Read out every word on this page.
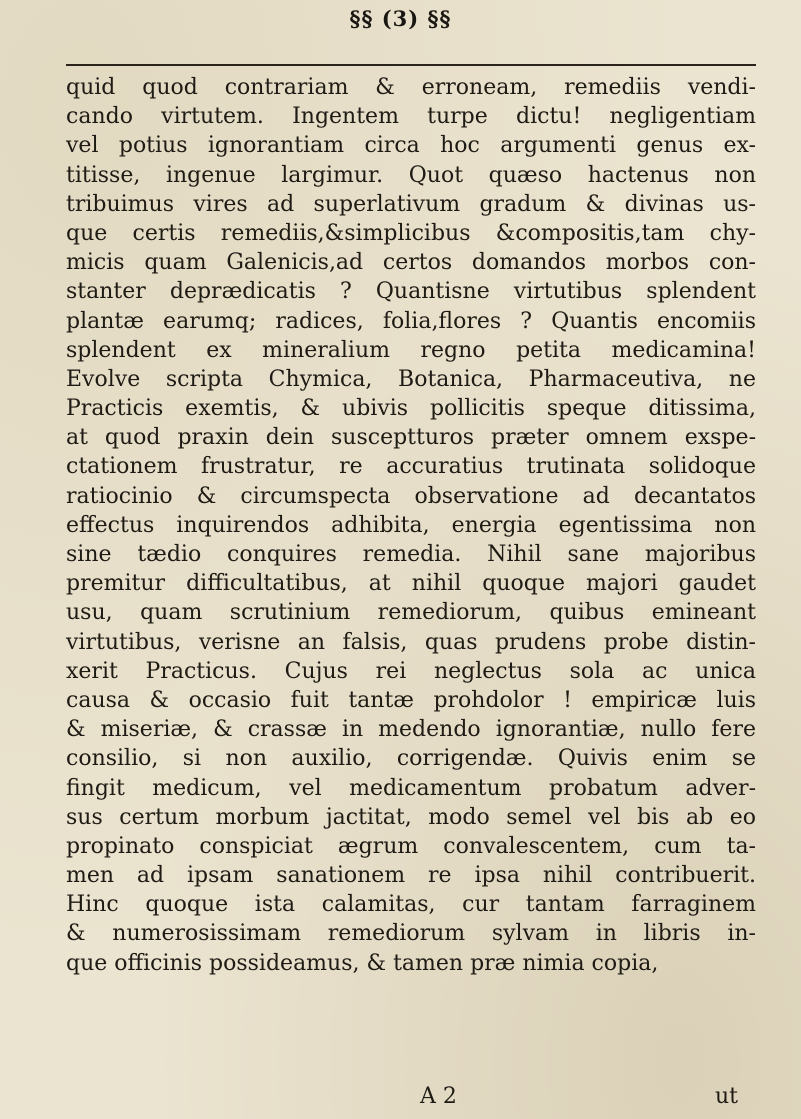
§§ (3) §§
quid quod contrariam & erroneam, remediis vendi-
cando virtutem. Ingentem turpe dictu! negligentiam
vel potius ignorantiam circa hoc argumenti genus ex-
titisse, ingenue largimur. Quot quæso hactenus non
tribuimus vires ad superlativum gradum & divinas us-
que certis remediis,&simplicibus &compositis,tam chy-
micis quam Galenicis,ad certos domandos morbos con-
stanter deprædicatis ? Quantisne virtutibus splendent
plantæ earumq; radices, folia,flores ? Quantis encomiis
splendent ex mineralium regno petita medicamina!
Evolve scripta Chymica, Botanica, Pharmaceutiva, ne
Practicis exemtis, & ubivis pollicitis speque ditissima,
at quod praxin dein susceptturos præter omnem exspe-
ctationem frustratur, re accuratius trutinata solidoque
ratiocinio & circumspecta observatione ad decantatos
effectus inquirendos adhibita, energia egentissima non
sine tædio conquires remedia. Nihil sane majoribus
premitur difficultatibus, at nihil quoque majori gaudet
usu, quam scrutinium remediorum, quibus emineant
virtutibus, verisne an falsis, quas prudens probe distin-
xerit Practicus. Cujus rei neglectus sola ac unica
causa & occasio fuit tantæ prohdolor ! empiricæ luis
& miseriæ, & crassæ in medendo ignorantiæ, nullo fere
consilio, si non auxilio, corrigendæ. Quivis enim se
fingit medicum, vel medicamentum probatum adver-
sus certum morbum jactitat, modo semel vel bis ab eo
propinato conspiciat ægrum convalescentem, cum ta-
men ad ipsam sanationem re ipsa nihil contribuerit.
Hinc quoque ista calamitas, cur tantam farraginem
& numerosissimam remediorum sylvam in libris in-
que officinis possideamus, & tamen præ nimia copia,
A 2	ut
